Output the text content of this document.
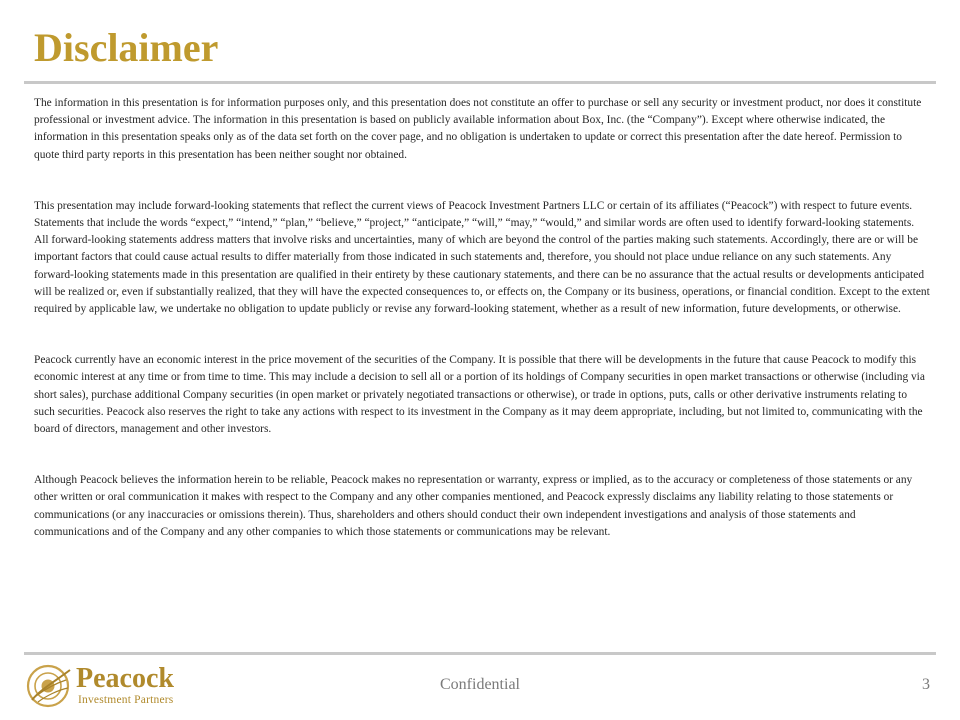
Disclaimer

The information in this presentation is for information purposes only, and this presentation does not constitute an offer to purchase or sell any security or investment product, nor does it constitute professional or investment advice. The information in this presentation is based on publicly available information about Box, Inc. (the “Company”). Except where otherwise indicated, the information in this presentation speaks only as of the data set forth on the cover page, and no obligation is undertaken to update or correct this presentation after the date hereof. Permission to quote third party reports in this presentation has been neither sought nor obtained.

This presentation may include forward-looking statements that reflect the current views of Peacock Investment Partners LLC or certain of its affiliates (“Peacock”) with respect to future events. Statements that include the words “expect,” “intend,” “plan,” “believe,” “project,” “anticipate,” “will,” “may,” “would,” and similar words are often used to identify forward-looking statements. All forward-looking statements address matters that involve risks and uncertainties, many of which are beyond the control of the parties making such statements. Accordingly, there are or will be important factors that could cause actual results to differ materially from those indicated in such statements and, therefore, you should not place undue reliance on any such statements. Any forward-looking statements made in this presentation are qualified in their entirety by these cautionary statements, and there can be no assurance that the actual results or developments anticipated will be realized or, even if substantially realized, that they will have the expected consequences to, or effects on, the Company or its business, operations, or financial condition. Except to the extent required by applicable law, we undertake no obligation to update publicly or revise any forward-looking statement, whether as a result of new information, future developments, or otherwise.

Peacock currently have an economic interest in the price movement of the securities of the Company. It is possible that there will be developments in the future that cause Peacock to modify this economic interest at any time or from time to time. This may include a decision to sell all or a portion of its holdings of Company securities in open market transactions or otherwise (including via short sales), purchase additional Company securities (in open market or privately negotiated transactions or otherwise), or trade in options, puts, calls or other derivative instruments relating to such securities. Peacock also reserves the right to take any actions with respect to its investment in the Company as it may deem appropriate, including, but not limited to, communicating with the board of directors, management and other investors.

Although Peacock believes the information herein to be reliable, Peacock makes no representation or warranty, express or implied, as to the accuracy or completeness of those statements or any other written or oral communication it makes with respect to the Company and any other companies mentioned, and Peacock expressly disclaims any liability relating to those statements or communications (or any inaccuracies or omissions therein). Thus, shareholders and others should conduct their own independent investigations and analysis of those statements and communications and of the Company and any other companies to which those statements or communications may be relevant.

Peacock
Investment Partners
Confidential	3
